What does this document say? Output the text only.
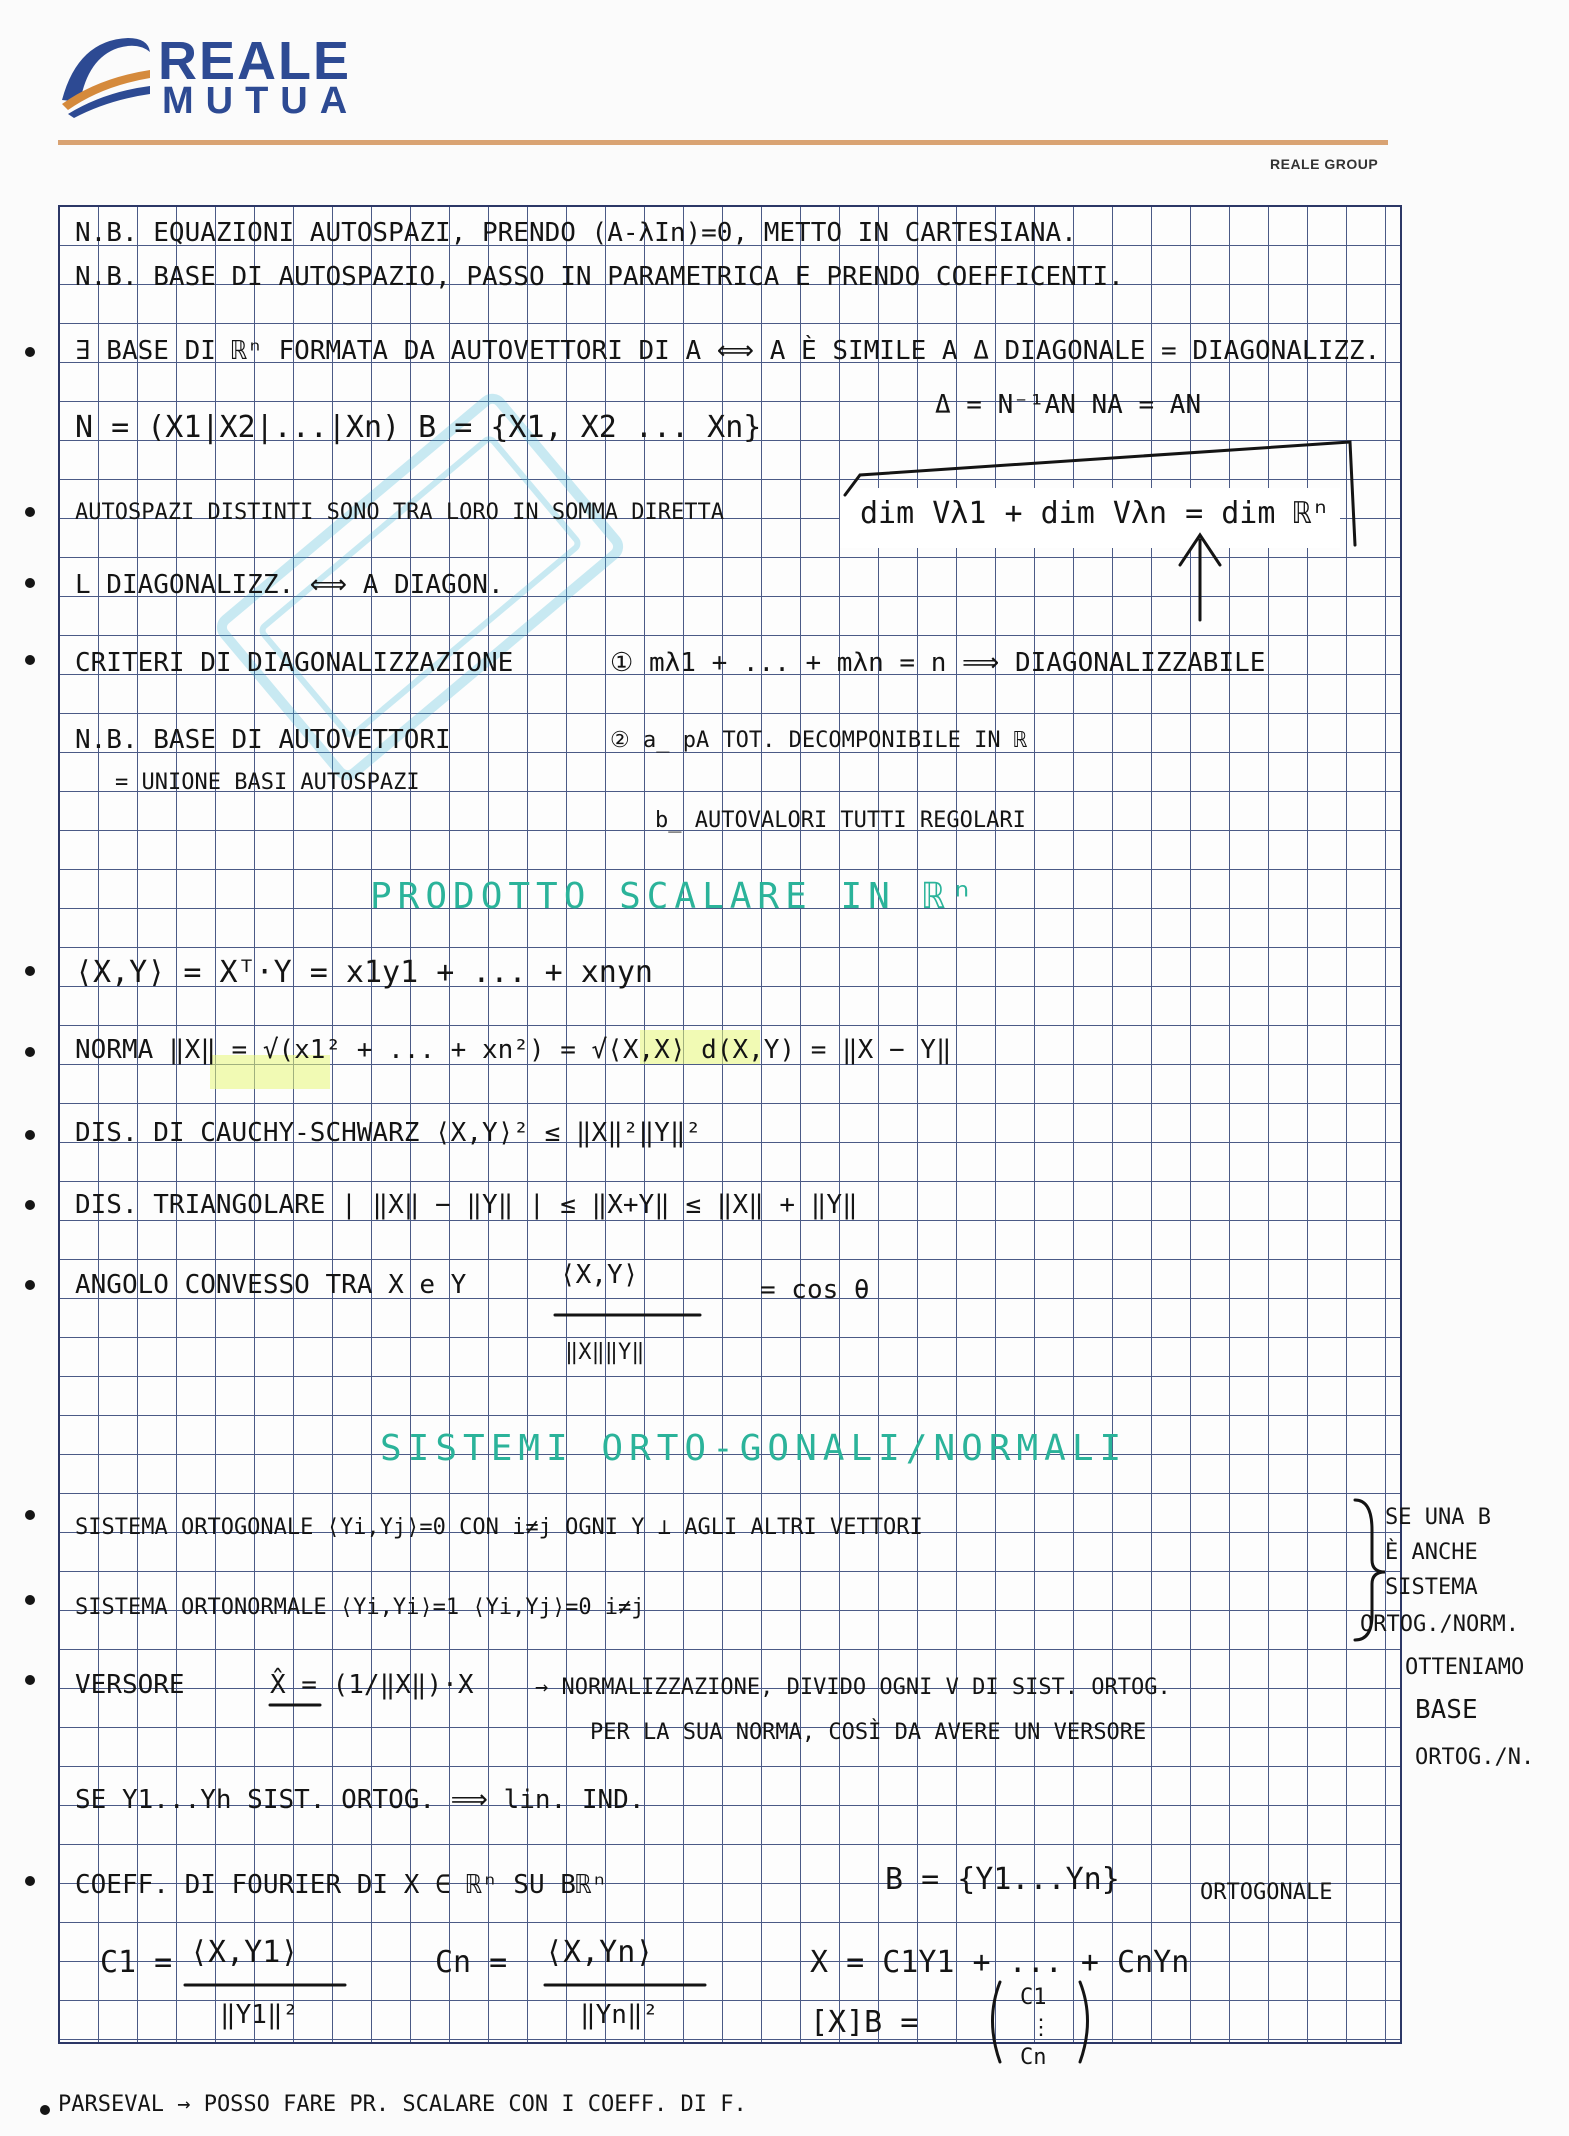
REALE
MUTUA
REALE GROUP
N.B. EQUAZIONI AUTOSPAZI, PRENDO (A-λIn)=0, METTO IN CARTESIANA.
N.B. BASE DI AUTOSPAZIO, PASSO IN PARAMETRICA E PRENDO COEFFICENTI.
∃ BASE DI ℝⁿ FORMATA DA AUTOVETTORI DI A ⟺ A È SIMILE A Δ DIAGONALE = DIAGONALIZZ.
N = (X1|X2|...|Xn) B = {X1, X2 ... Xn}
Δ = N⁻¹AN NA = AN
AUTOSPAZI DISTINTI SONO TRA LORO IN SOMMA DIRETTA	dim Vλ1 + dim Vλn = dim ℝⁿ
L DIAGONALIZZ. ⟺ A DIAGON.
CRITERI DI DIAGONALIZZAZIONE	① mλ1 + ... + mλn = n ⟹ DIAGONALIZZABILE
N.B. BASE DI AUTOVETTORI
= UNIONE BASI AUTOSPAZI
② a_ pA TOT. DECOMPONIBILE IN ℝ
b_ AUTOVALORI TUTTI REGOLARI
PRODOTTO SCALARE IN ℝⁿ
⟨X,Y⟩ = Xᵀ·Y = x1y1 + ... + xnyn
NORMA ‖X‖ = √(x1² + ... + xn²) = √⟨X,X⟩ d(X,Y) = ‖X − Y‖
DIS. DI CAUCHY-SCHWARZ ⟨X,Y⟩² ≤ ‖X‖²‖Y‖²
DIS. TRIANGOLARE | ‖X‖ − ‖Y‖ | ≤ ‖X+Y‖ ≤ ‖X‖ + ‖Y‖
ANGOLO CONVESSO TRA X e Y	⟨X,Y⟩
‖X‖‖Y‖
= cos θ
SISTEMI ORTO-GONALI/NORMALI
SISTEMA ORTOGONALE ⟨Yi,Yj⟩=0 CON i≠j OGNI Y ⊥ AGLI ALTRI VETTORI
SISTEMA ORTONORMALE ⟨Yi,Yi⟩=1 ⟨Yi,Yj⟩=0 i≠j
SE UNA B
È ANCHE
SISTEMA
ORTOG./NORM.
OTTENIAMO
BASE
ORTOG./N.
VERSORE	X̂ = (1/‖X‖)·X	→ NORMALIZZAZIONE, DIVIDO OGNI V DI SIST. ORTOG.
PER LA SUA NORMA, COSÌ DA AVERE UN VERSORE
SE Y1...Yh SIST. ORTOG. ⟹ lin. IND.
COEFF. DI FOURIER DI X ∈ ℝⁿ SU Bℝⁿ	B = {Y1...Yn}	ORTOGONALE
C1 = ⟨X,Y1⟩
‖Y1‖²
Cn = ⟨X,Yn⟩
‖Yn‖²
X = C1Y1 + ... + CnYn
[X]B =
C1
⋮
Cn
PARSEVAL → POSSO FARE PR. SCALARE CON I COEFF. DI F.
